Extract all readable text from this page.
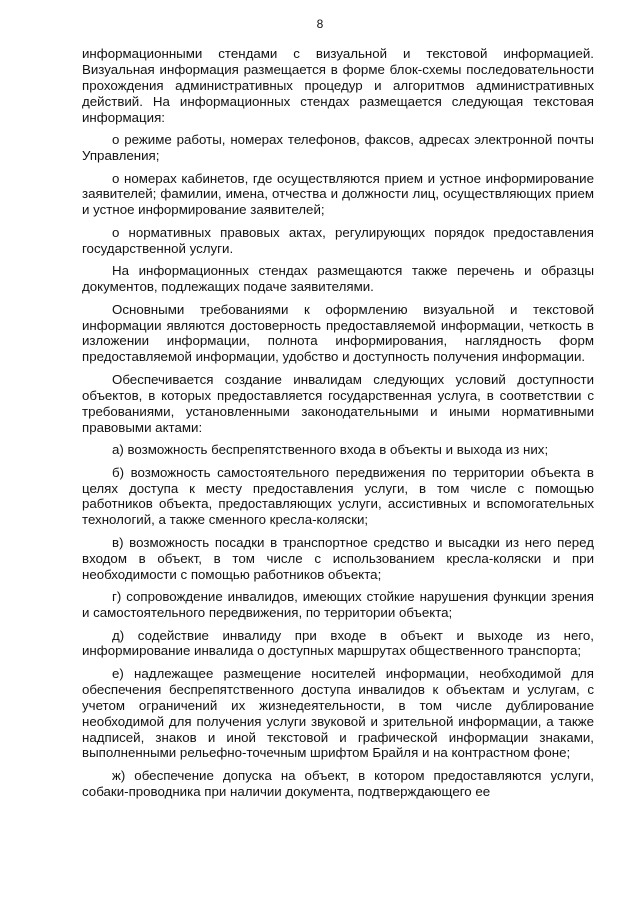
8

информационными стендами с визуальной и текстовой информацией. Визуальная информация размещается в форме блок-схемы последовательности прохождения административных процедур и алгоритмов административных действий. На информационных стендах размещается следующая текстовая информация:

о режиме работы, номерах телефонов, факсов, адресах электронной почты Управления;

о номерах кабинетов, где осуществляются прием и устное информирование заявителей; фамилии, имена, отчества и должности лиц, осуществляющих прием и устное информирование заявителей;

о нормативных правовых актах, регулирующих порядок предоставления государственной услуги.

На информационных стендах размещаются также перечень и образцы документов, подлежащих подаче заявителями.

Основными требованиями к оформлению визуальной и текстовой информации являются достоверность предоставляемой информации, четкость в изложении информации, полнота информирования, наглядность форм предоставляемой информации, удобство и доступность получения информации.

Обеспечивается создание инвалидам следующих условий доступности объектов, в которых предоставляется государственная услуга, в соответствии с требованиями, установленными законодательными и иными нормативными правовыми актами:

а) возможность беспрепятственного входа в объекты и выхода из них;

б) возможность самостоятельного передвижения по территории объекта в целях доступа к месту предоставления услуги, в том числе с помощью работников объекта, предоставляющих услуги, ассистивных и вспомогательных технологий, а также сменного кресла-коляски;

в) возможность посадки в транспортное средство и высадки из него перед входом в объект, в том числе с использованием кресла-коляски и при необходимости с помощью работников объекта;

г) сопровождение инвалидов, имеющих стойкие нарушения функции зрения и самостоятельного передвижения, по территории объекта;

д) содействие инвалиду при входе в объект и выходе из него, информирование инвалида о доступных маршрутах общественного транспорта;

е) надлежащее размещение носителей информации, необходимой для обеспечения беспрепятственного доступа инвалидов к объектам и услугам, с учетом ограничений их жизнедеятельности, в том числе дублирование необходимой для получения услуги звуковой и зрительной информации, а также надписей, знаков и иной текстовой и графической информации знаками, выполненными рельефно-точечным шрифтом Брайля и на контрастном фоне;

ж) обеспечение допуска на объект, в котором предоставляются услуги, собаки-проводника при наличии документа, подтверждающего ее
